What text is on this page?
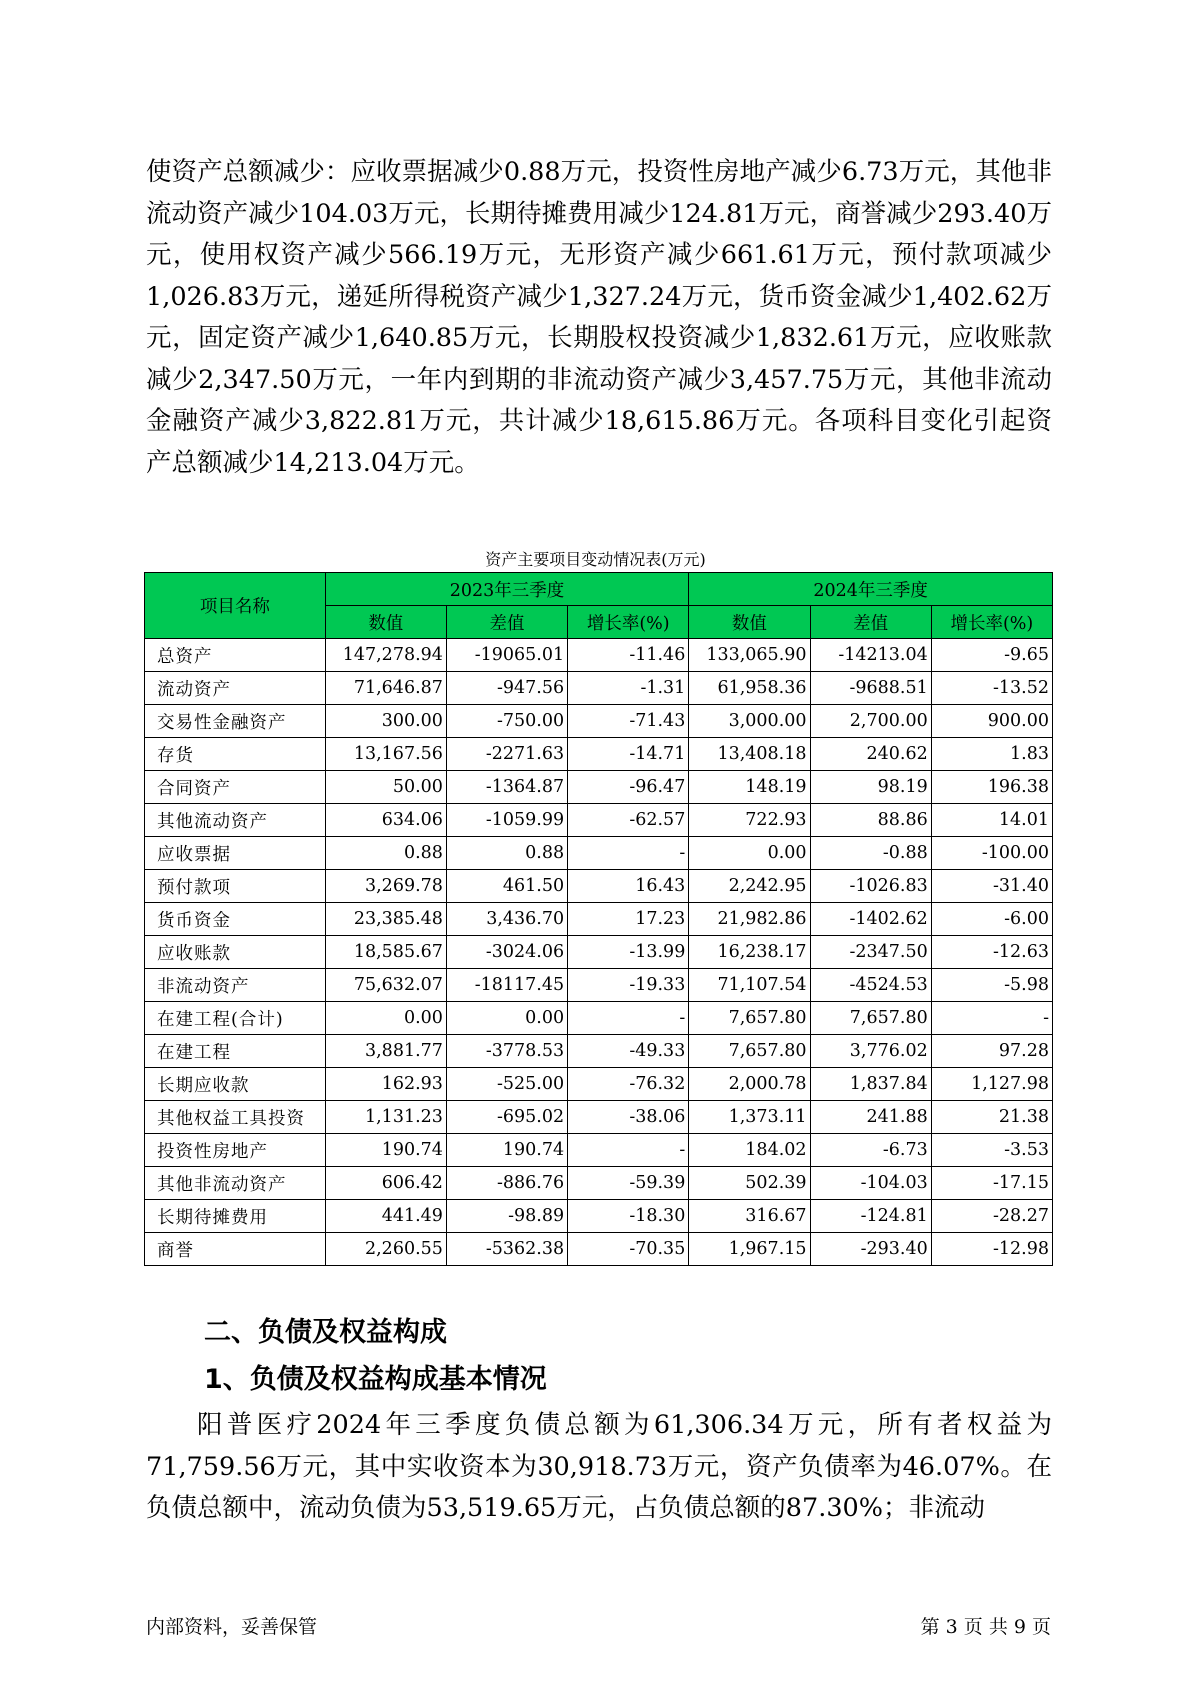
使资产总额减少：应收票据减少0.88万元，投资性房地产减少6.73万元，其他非流动资产减少104.03万元，长期待摊费用减少124.81万元，商誉减少293.40万元，使用权资产减少566.19万元，无形资产减少661.61万元，预付款项减少1,026.83万元，递延所得税资产减少1,327.24万元，货币资金减少1,402.62万元，固定资产减少1,640.85万元，长期股权投资减少1,832.61万元，应收账款减少2,347.50万元，一年内到期的非流动资产减少3,457.75万元，其他非流动金融资产减少3,822.81万元，共计减少18,615.86万元。各项科目变化引起资产总额减少14,213.04万元。

资产主要项目变动情况表(万元)
项目名称	2023年三季度			2024年三季度		
	数值	差值	增长率(%)	数值	差值	增长率(%)
总资产	147,278.94	-19065.01	-11.46	133,065.90	-14213.04	-9.65
流动资产	71,646.87	-947.56	-1.31	61,958.36	-9688.51	-13.52
交易性金融资产	300.00	-750.00	-71.43	3,000.00	2,700.00	900.00
存货	13,167.56	-2271.63	-14.71	13,408.18	240.62	1.83
合同资产	50.00	-1364.87	-96.47	148.19	98.19	196.38
其他流动资产	634.06	-1059.99	-62.57	722.93	88.86	14.01
应收票据	0.88	0.88	-	0.00	-0.88	-100.00
预付款项	3,269.78	461.50	16.43	2,242.95	-1026.83	-31.40
货币资金	23,385.48	3,436.70	17.23	21,982.86	-1402.62	-6.00
应收账款	18,585.67	-3024.06	-13.99	16,238.17	-2347.50	-12.63
非流动资产	75,632.07	-18117.45	-19.33	71,107.54	-4524.53	-5.98
在建工程(合计)	0.00	0.00	-	7,657.80	7,657.80	-
在建工程	3,881.77	-3778.53	-49.33	7,657.80	3,776.02	97.28
长期应收款	162.93	-525.00	-76.32	2,000.78	1,837.84	1,127.98
其他权益工具投资	1,131.23	-695.02	-38.06	1,373.11	241.88	21.38
投资性房地产	190.74	190.74	-	184.02	-6.73	-3.53
其他非流动资产	606.42	-886.76	-59.39	502.39	-104.03	-17.15
长期待摊费用	441.49	-98.89	-18.30	316.67	-124.81	-28.27
商誉	2,260.55	-5362.38	-70.35	1,967.15	-293.40	-12.98
二、负债及权益构成
1、负债及权益构成基本情况

阳普医疗2024年三季度负债总额为61,306.34万元，所有者权益为71,759.56万元，其中实收资本为30,918.73万元，资产负债率为46.07%。在负债总额中，流动负债为53,519.65万元，占负债总额的87.30%；非流动

内部资料，妥善保管	第 3 页 共 9 页
